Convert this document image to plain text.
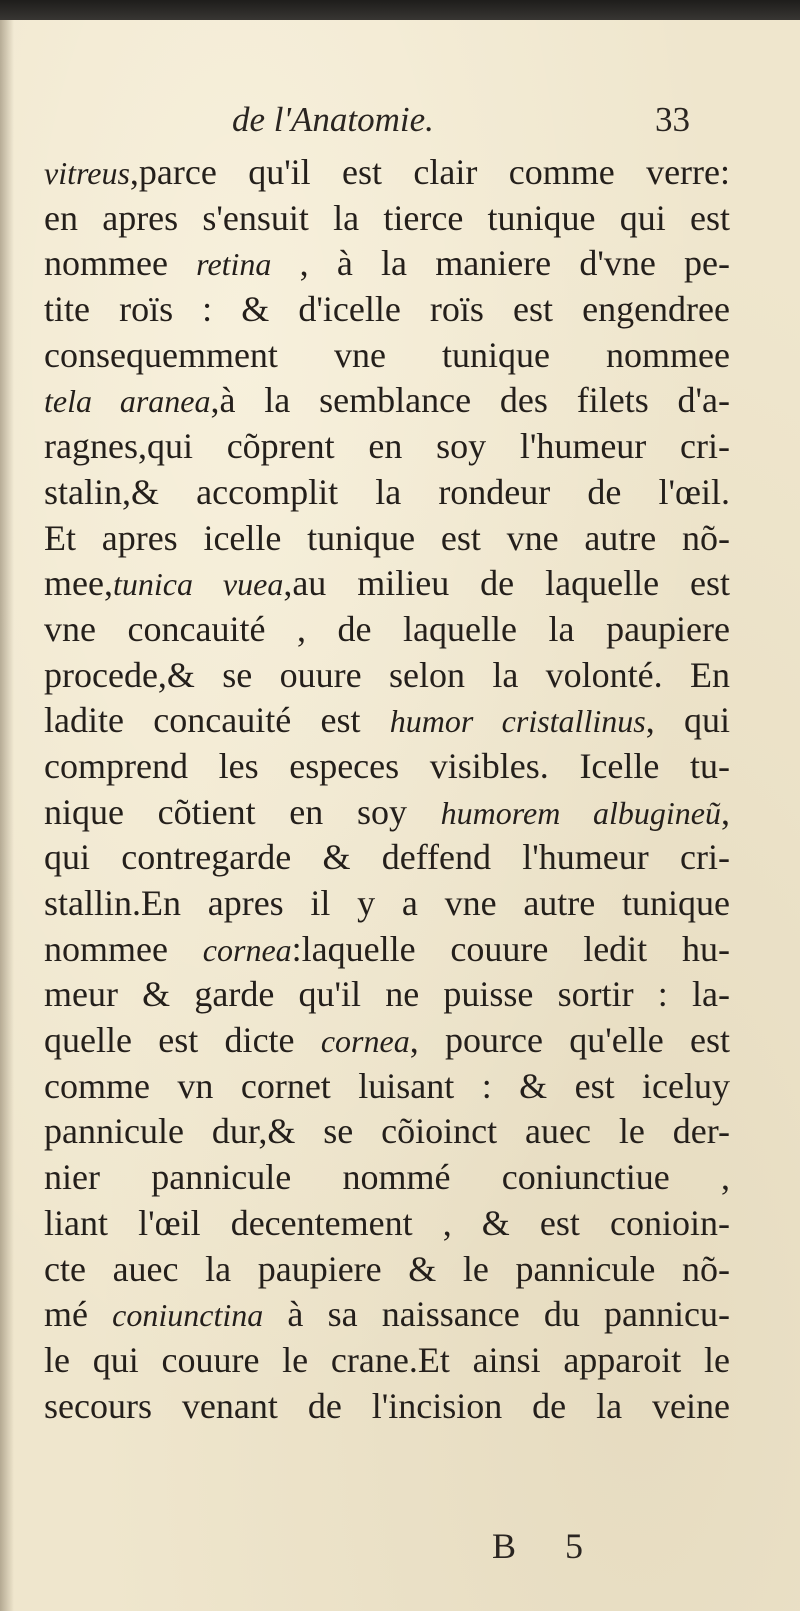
de l'Anatomie.	33
vitreus,parce qu'il est clair comme verre:
en apres s'ensuit la tierce tunique qui est
nommee retina , à la maniere d'vne pe-
tite roïs : & d'icelle roïs est engendree
consequemment vne tunique nommee
tela aranea,à la semblance des filets d'a-
ragnes,qui cõprent en soy l'humeur cri-
stalin,& accomplit la rondeur de l'œil.
Et apres icelle tunique est vne autre nõ-
mee,tunica vuea,au milieu de laquelle est
vne concauité , de laquelle la paupiere
procede,& se ouure selon la volonté. En
ladite concauité est humor cristallinus, qui
comprend les especes visibles. Icelle tu-
nique cõtient en soy humorem albugineũ,
qui contregarde & deffend l'humeur cri-
stallin.En apres il y a vne autre tunique
nommee cornea:laquelle couure ledit hu-
meur & garde qu'il ne puisse sortir : la-
quelle est dicte cornea, pource qu'elle est
comme vn cornet luisant : & est iceluy
pannicule dur,& se cõioinct auec le der-
nier pannicule nommé coniunctiue ,
liant l'œil decentement , & est conioin-
cte auec la paupiere & le pannicule nõ-
mé coniunctina à sa naissance du pannicu-
le qui couure le crane.Et ainsi apparoit le
secours venant de l'incision de la veine
B 5
